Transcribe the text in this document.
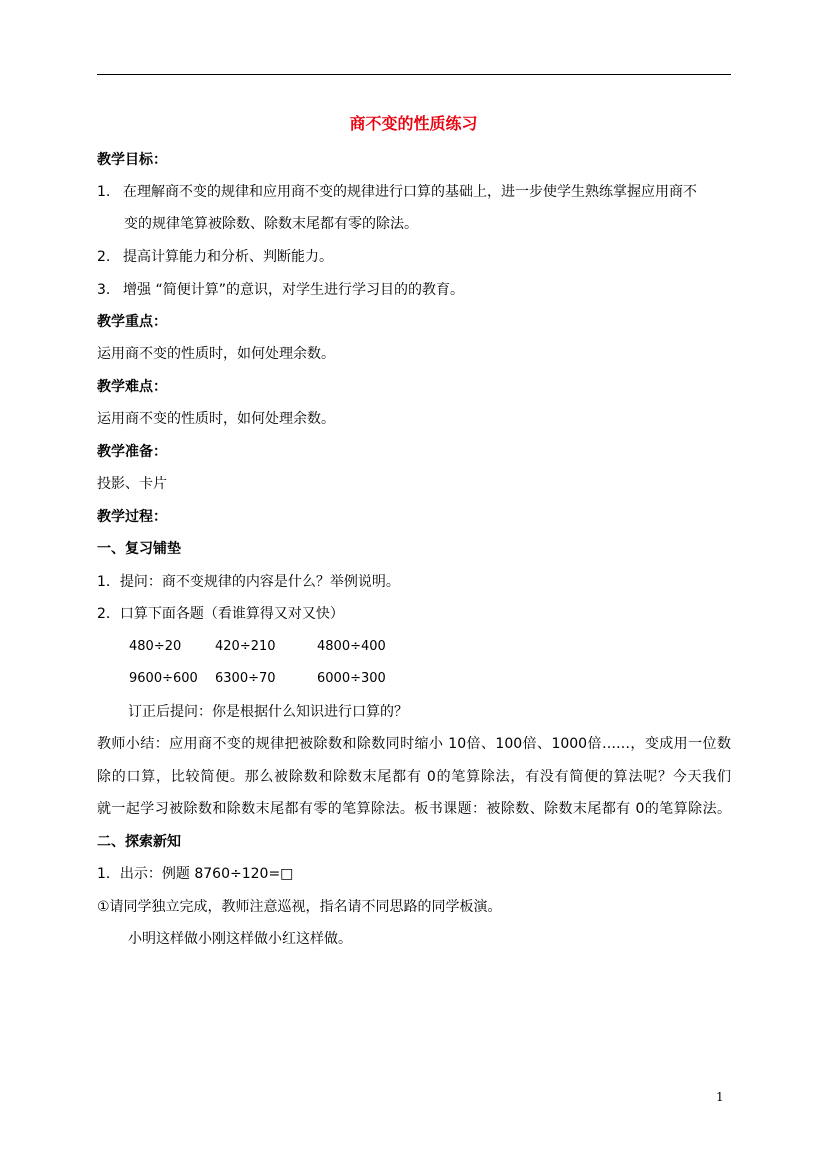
商不变的性质练习
教学目标：
1. 在理解商不变的规律和应用商不变的规律进行口算的基础上，进一步使学生熟练掌握应用商不
变的规律笔算被除数、除数末尾都有零的除法。
2. 提高计算能力和分析、判断能力。
3. 增强 “简便计算”的意识，对学生进行学习目的的教育。
教学重点：
运用商不变的性质时，如何处理余数。
教学难点：
运用商不变的性质时，如何处理余数。
教学准备：
投影、卡片
教学过程：
一、复习铺垫
1．提问：商不变规律的内容是什么？举例说明。
2．口算下面各题（看谁算得又对又快）
480÷20	420÷210	4800÷400
9600÷600 6300÷70	6000÷300
订正后提问：你是根据什么知识进行口算的？
教师小结：应用商不变的规律把被除数和除数同时缩小 10倍、100倍、1000倍……，变成用一位数
除的口算，比较简便。那么被除数和除数末尾都有 0的笔算除法，有没有简便的算法呢？今天我们
就一起学习被除数和除数末尾都有零的笔算除法。板书课题：被除数、除数末尾都有 0的笔算除法。
二、探索新知
1．出示：例题 8760÷120=□
①请同学独立完成，教师注意巡视，指名请不同思路的同学板演。
小明这样做小刚这样做小红这样做。
1
